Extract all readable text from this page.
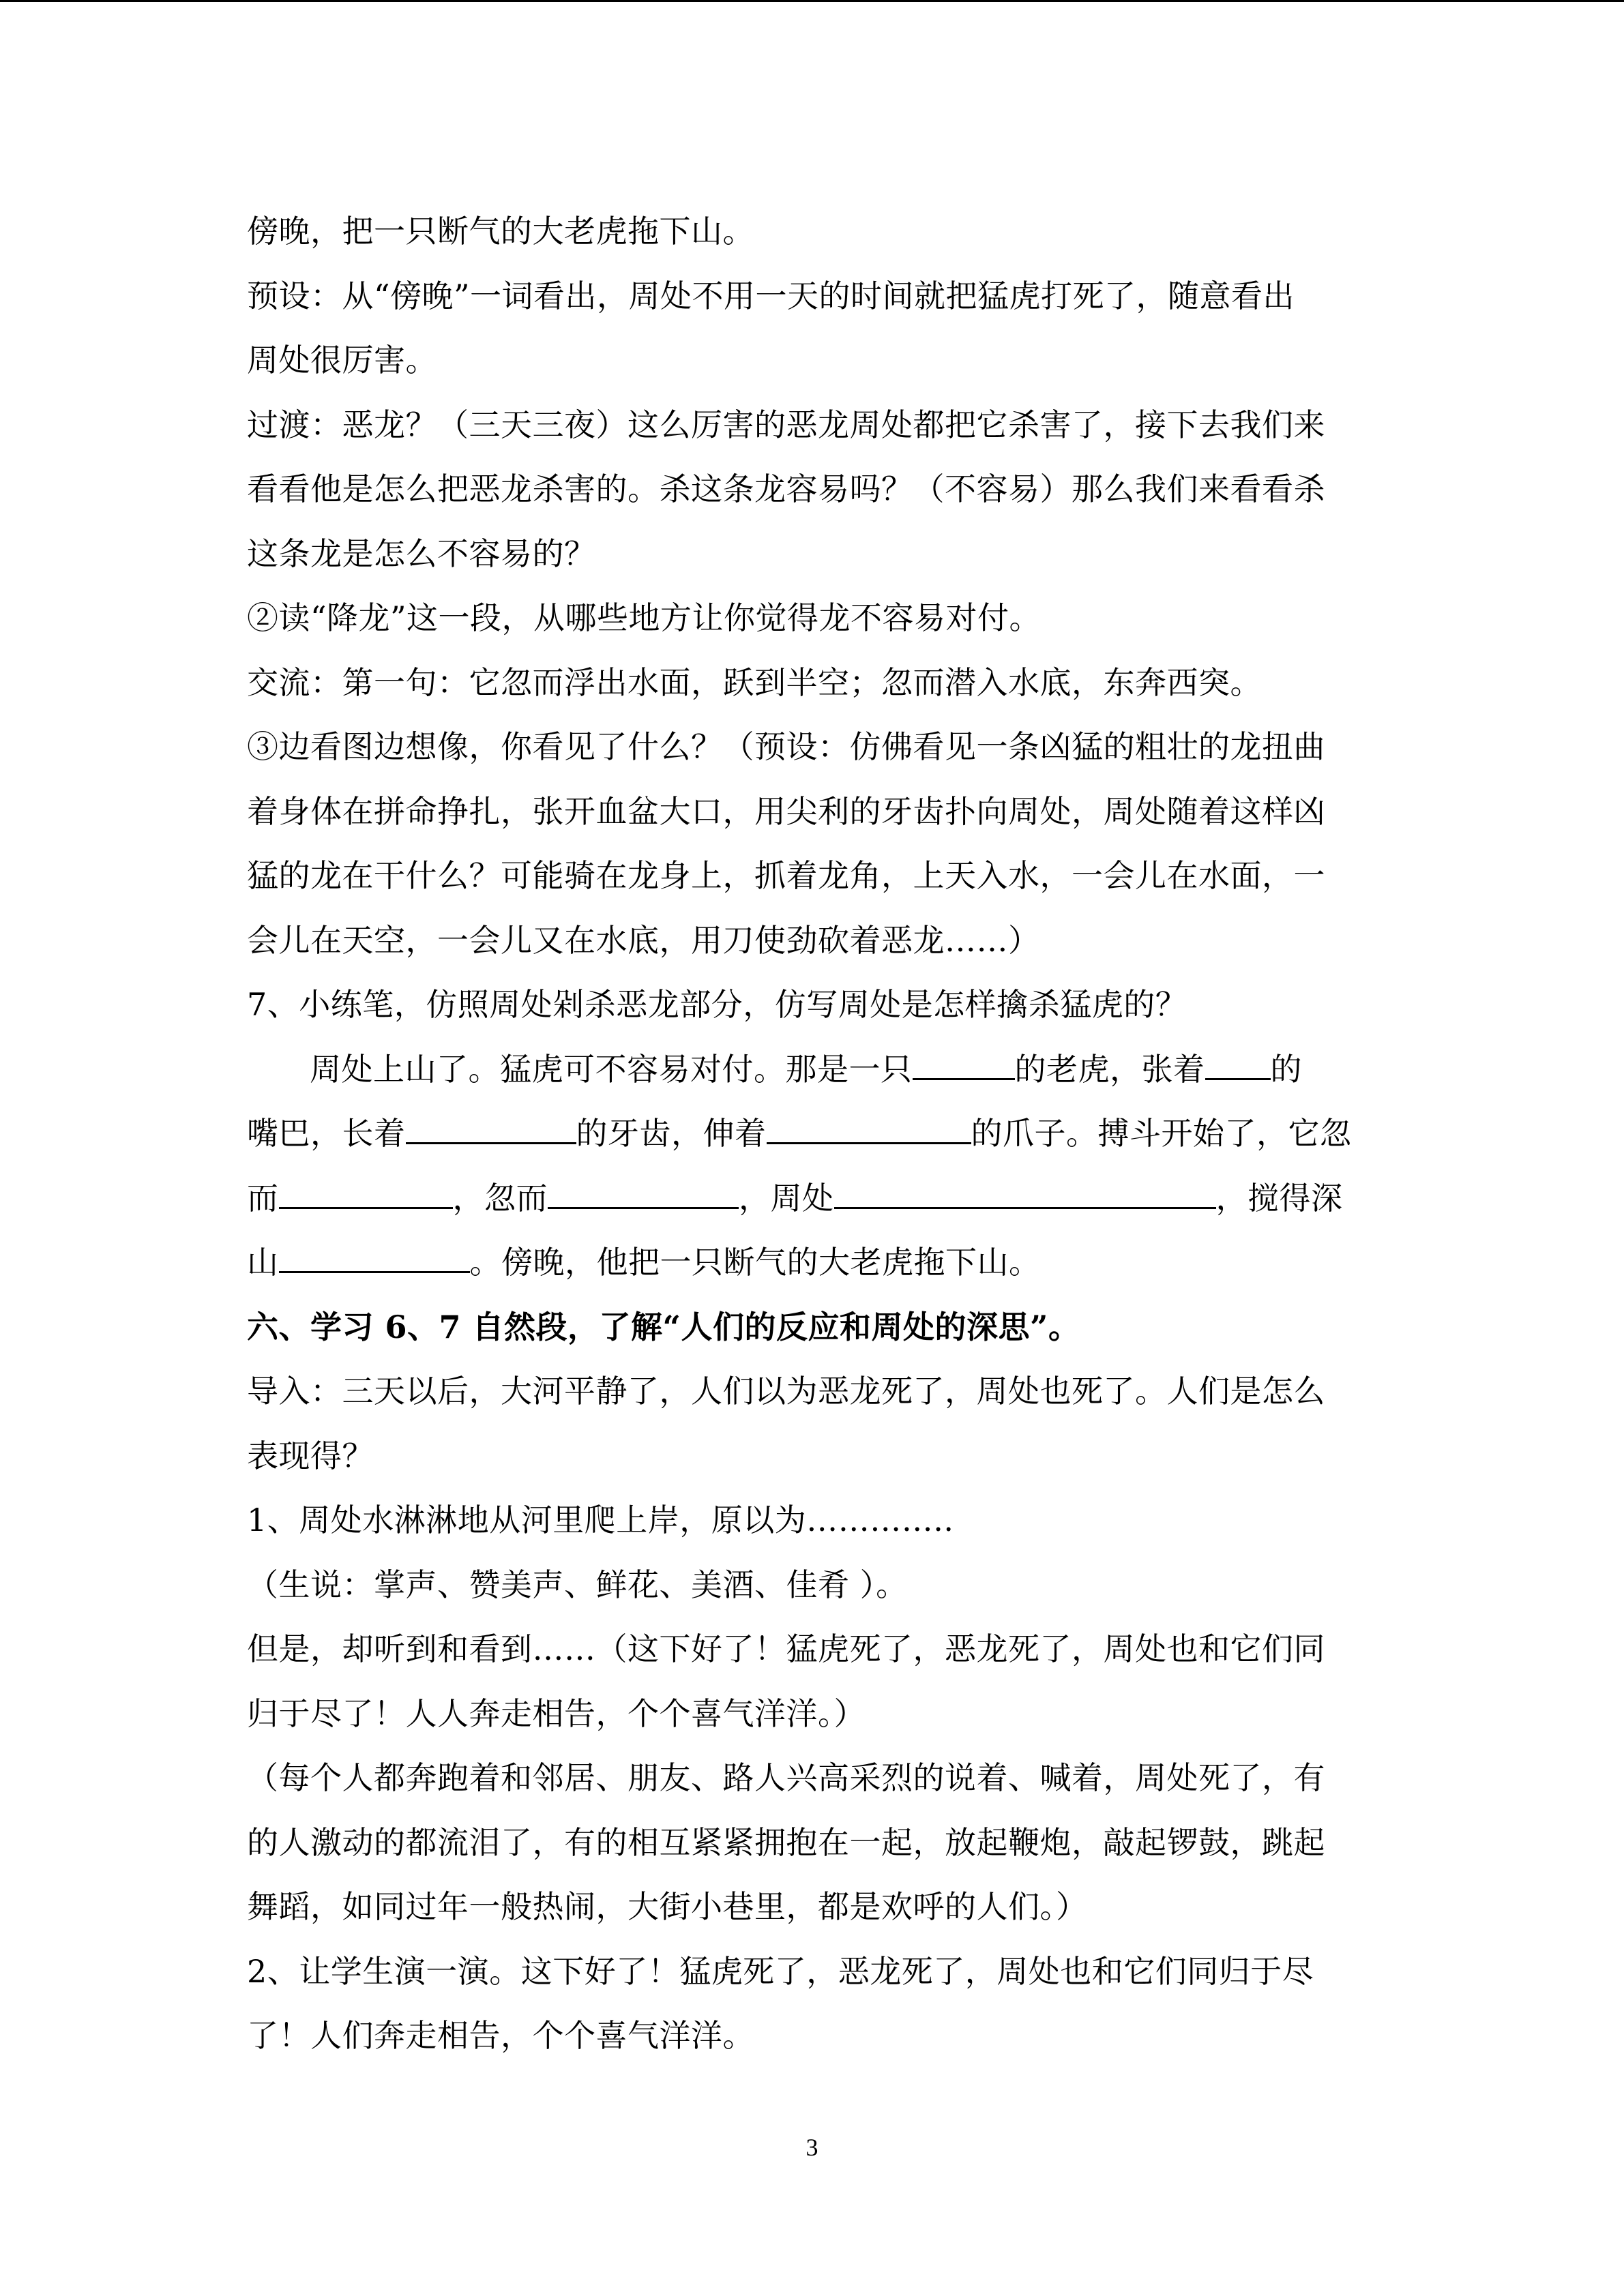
傍晚，把一只断气的大老虎拖下山。

预设：从“傍晚”一词看出，周处不用一天的时间就把猛虎打死了，随意看出

周处很厉害。

过渡：恶龙？（三天三夜）这么厉害的恶龙周处都把它杀害了，接下去我们来

看看他是怎么把恶龙杀害的。杀这条龙容易吗？（不容易）那么我们来看看杀

这条龙是怎么不容易的？

②读“降龙”这一段，从哪些地方让你觉得龙不容易对付。

交流：第一句：它忽而浮出水面，跃到半空；忽而潜入水底，东奔西突。

③边看图边想像，你看见了什么？（预设：仿佛看见一条凶猛的粗壮的龙扭曲

着身体在拼命挣扎，张开血盆大口，用尖利的牙齿扑向周处，周处随着这样凶

猛的龙在干什么？可能骑在龙身上，抓着龙角，上天入水，一会儿在水面，一

会儿在天空，一会儿又在水底，用刀使劲砍着恶龙……）

7、小练笔，仿照周处剁杀恶龙部分，仿写周处是怎样擒杀猛虎的？

周处上山了。猛虎可不容易对付。那是一只	的老虎，张着 的

嘴巴，长着	的牙齿，伸着	的爪子。搏斗开始了，它忽

而	，忽而	，周处	，搅得深

山	。傍晚，他把一只断气的大老虎拖下山。

六、学习 6、7 自然段，了解“人们的反应和周处的深思”。

导入：三天以后，大河平静了，人们以为恶龙死了，周处也死了。人们是怎么

表现得？

1、周处水淋淋地从河里爬上岸，原以为…………..

（生说：掌声、赞美声、鲜花、美酒、佳肴 ）。

但是，却听到和看到……（这下好了！猛虎死了，恶龙死了，周处也和它们同

归于尽了！人人奔走相告，个个喜气洋洋。）

（每个人都奔跑着和邻居、朋友、路人兴高采烈的说着、喊着，周处死了，有

的人激动的都流泪了，有的相互紧紧拥抱在一起，放起鞭炮，敲起锣鼓，跳起

舞蹈，如同过年一般热闹，大街小巷里，都是欢呼的人们。）

2、让学生演一演。这下好了！猛虎死了，恶龙死了，周处也和它们同归于尽

了！人们奔走相告，个个喜气洋洋。

3
